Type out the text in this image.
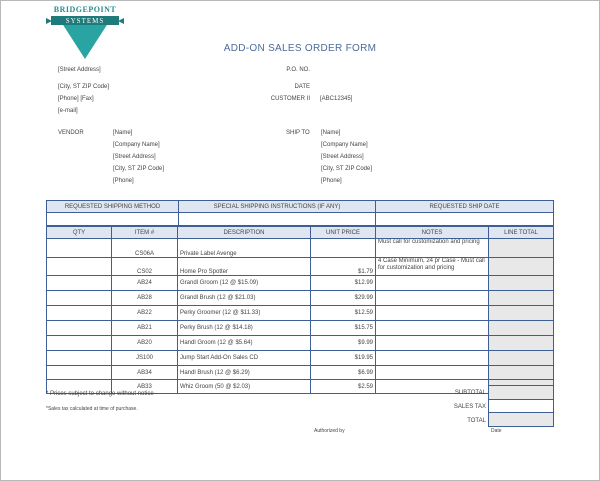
BRIDGEPOINT
SYSTEMS
ADD-ON SALES ORDER FORM
[Street Address]
[City, ST ZIP Code]
[Phone] [Fax]
[e-mail]
P.O. NO.
DATE
CUSTOMER II [ABC12345]
VENDOR	[Name]
[Company Name]
[Street Address]
[City, ST ZIP Code]
[Phone]
SHIP TO [Name]
[Company Name]
[Street Address]
[City, ST ZIP Code]
[Phone]
REQUESTED SHIPPING METHOD	SPECIAL SHIPPING INSTRUCTIONS (IF ANY)	REQUESTED SHIP DATE

QTY	ITEM #	DESCRIPTION	UNIT PRICE	NOTES	LINE TOTAL
	CS06A	Private Label Avenge		Must call for customization and pricing	
	CS02	Home Pro Spotter	$1.79	4 Case Minimum, 24 pr Case - Must call for customization and pricing	
	AB24	Grandl Groom (12 @ $15.09)	$12.99		
	AB28	Grandl Brush (12 @ $21.03)	$29.99		
	AB22	Perky Groomer (12 @ $11.33)	$12.59		
	AB21	Perky Brush (12 @ $14.18)	$15.75		
	AB20	Handl Groom (12 @ $5.64)	$9.99		
	JS100	Jump Start Add-On Sales CD	$19.95		
	AB34	Handl Brush (12 @ $6.29)	$6.99		
	AB33	Whiz Groom (50 @ $2.03)	$2.59		
* Prices subject to change without notice
*Sales tax calculated at time of purchase.
SUBTOTAL
SALES TAX
TOTAL
Authorized by	Date
